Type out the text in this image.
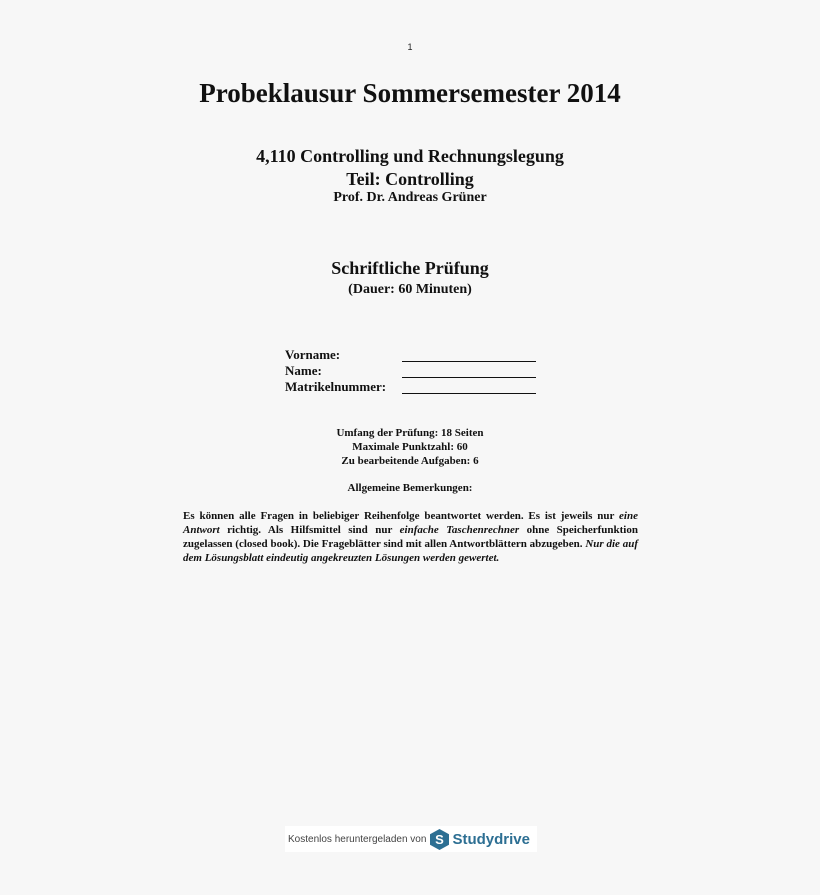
1
Probeklausur Sommersemester 2014
4,110 Controlling und Rechnungslegung
Teil: Controlling
Prof. Dr. Andreas Grüner
Schriftliche Prüfung
(Dauer: 60 Minuten)
Vorname:
Name:
Matrikelnummer:
Umfang der Prüfung: 18 Seiten
Maximale Punktzahl: 60
Zu bearbeitende Aufgaben: 6
Allgemeine Bemerkungen:

Es können alle Fragen in beliebiger Reihenfolge beantwortet werden. Es ist jeweils nur eine Antwort richtig. Als Hilfsmittel sind nur einfache Taschenrechner ohne Speicherfunktion zugelassen (closed book). Die Frageblätter sind mit allen Antwortblättern abzugeben. Nur die auf dem Lösungsblatt eindeutig angekreuzten Lösungen werden gewertet.

Kostenlos heruntergeladen von S Studydrive
